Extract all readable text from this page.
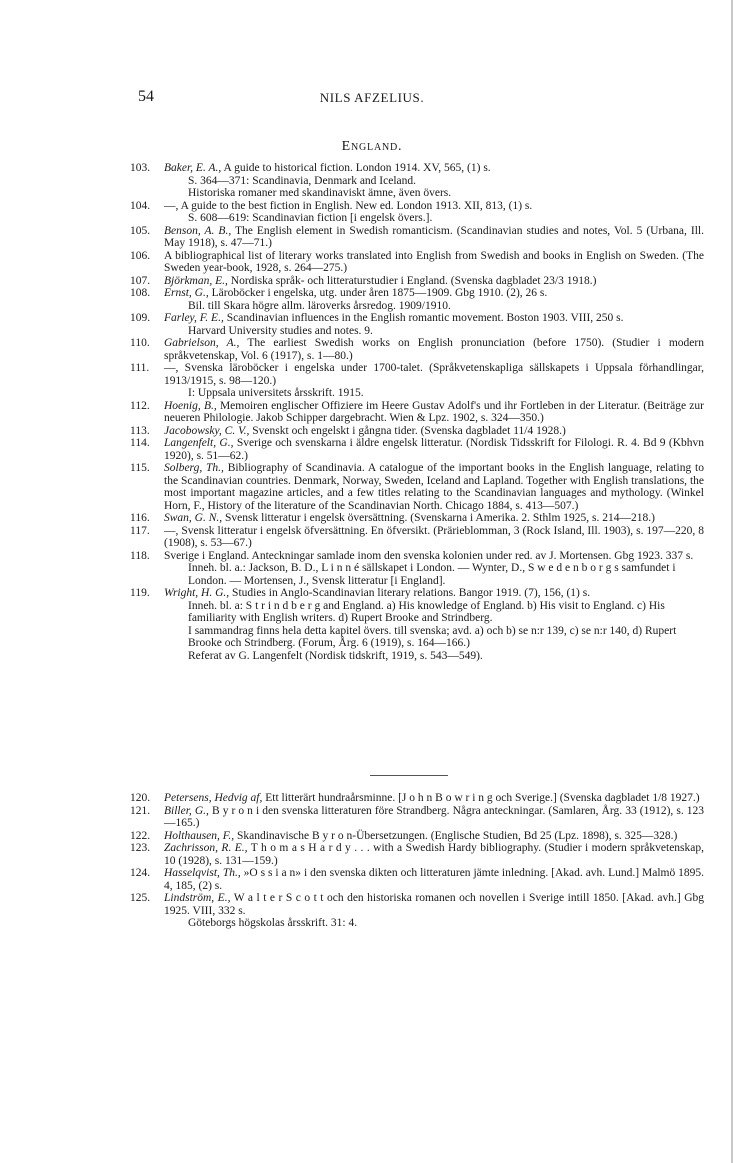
54	NILS AFZELIUS.
England.
103.	Baker, E. A., A guide to historical fiction. London 1914. XV, 565, (1) s.
S. 364—371: Scandinavia, Denmark and Iceland.
Historiska romaner med skandinaviskt ämne, även övers.
104.	—, A guide to the best fiction in English. New ed. London 1913. XII, 813, (1) s.
S. 608—619: Scandinavian fiction [i engelsk övers.].
105.	Benson, A. B., The English element in Swedish romanticism. (Scandinavian studies and notes, Vol. 5 (Urbana, Ill. May 1918), s. 47—71.)
106.	A bibliographical list of literary works translated into English from Swedish and books in English on Sweden. (The Sweden year-book, 1928, s. 264—275.)
107.	Björkman, E., Nordiska språk- och litteraturstudier i England. (Svenska dagbladet 23/3 1918.)
108.	Ernst, G., Läroböcker i engelska, utg. under åren 1875—1909. Gbg 1910. (2), 26 s.
Bil. till Skara högre allm. läroverks årsredog. 1909/1910.
109.	Farley, F. E., Scandinavian influences in the English romantic movement. Boston 1903. VIII, 250 s.
Harvard University studies and notes. 9.
110.	Gabrielson, A., The earliest Swedish works on English pronunciation (before 1750). (Studier i modern språkvetenskap, Vol. 6 (1917), s. 1—80.)
111.	—, Svenska läroböcker i engelska under 1700-talet. (Språkvetenskapliga sällskapets i Uppsala förhandlingar, 1913/1915, s. 98—120.)
I: Uppsala universitets årsskrift. 1915.
112.	Hoenig, B., Memoiren englischer Offiziere im Heere Gustav Adolf's und ihr Fortleben in der Literatur. (Beiträge zur neueren Philologie. Jakob Schipper dargebracht. Wien & Lpz. 1902, s. 324—350.)
113.	Jacobowsky, C. V., Svenskt och engelskt i gångna tider. (Svenska dagbladet 11/4 1928.)
114.	Langenfelt, G., Sverige och svenskarna i äldre engelsk litteratur. (Nordisk Tidsskrift for Filologi. R. 4. Bd 9 (Kbhvn 1920), s. 51—62.)
115.	Solberg, Th., Bibliography of Scandinavia. A catalogue of the important books in the English language, relating to the Scandinavian countries. Denmark, Norway, Sweden, Iceland and Lapland. Together with English translations, the most important magazine articles, and a few titles relating to the Scandinavian languages and mythology. (Winkel Horn, F., History of the literature of the Scandinavian North. Chicago 1884, s. 413—507.)
116.	Swan, G. N., Svensk litteratur i engelsk översättning. (Svenskarna i Amerika. 2. Sthlm 1925, s. 214—218.)
117.	—, Svensk litteratur i engelsk öfversättning. En öfversikt. (Prärieblomman, 3 (Rock Island, Ill. 1903), s. 197—220, 8 (1908), s. 53—67.)
118.	Sverige i England. Anteckningar samlade inom den svenska kolonien under red. av J. Mortensen. Gbg 1923. 337 s.
Inneh. bl. a.: Jackson, B. D., L i n n é sällskapet i London. — Wynter, D., S w e d e n b o r g s samfundet i London. — Mortensen, J., Svensk litteratur [i England].
119.	Wright, H. G., Studies in Anglo-Scandinavian literary relations. Bangor 1919. (7), 156, (1) s.
Inneh. bl. a: S t r i n d b e r g and England. a) His knowledge of England. b) His visit to England. c) His familiarity with English writers. d) Rupert Brooke and Strindberg.
I sammandrag finns hela detta kapitel övers. till svenska; avd. a) och b) se n:r 139, c) se n:r 140, d) Rupert Brooke och Strindberg. (Forum, Årg. 6 (1919), s. 164—166.)
Referat av G. Langenfelt (Nordisk tidskrift, 1919, s. 543—549).
120.	Petersens, Hedvig af, Ett litterärt hundraårsminne. [J o h n B o w r i n g och Sverige.] (Svenska dagbladet 1/8 1927.)
121.	Biller, G., B y r o n i den svenska litteraturen före Strandberg. Några anteckningar. (Samlaren, Årg. 33 (1912), s. 123—165.)
122.	Holthausen, F., Skandinavische B y r o n-Übersetzungen. (Englische Studien, Bd 25 (Lpz. 1898), s. 325—328.)
123.	Zachrisson, R. E., T h o m a s H a r d y . . . with a Swedish Hardy bibliography. (Studier i modern språkvetenskap, 10 (1928), s. 131—159.)
124.	Hasselqvist, Th., »O s s i a n» i den svenska dikten och litteraturen jämte inledning. [Akad. avh. Lund.] Malmö 1895. 4, 185, (2) s.
125.	Lindström, E., W a l t e r S c o t t och den historiska romanen och novellen i Sverige intill 1850. [Akad. avh.] Gbg 1925. VIII, 332 s.
Göteborgs högskolas årsskrift. 31: 4.
